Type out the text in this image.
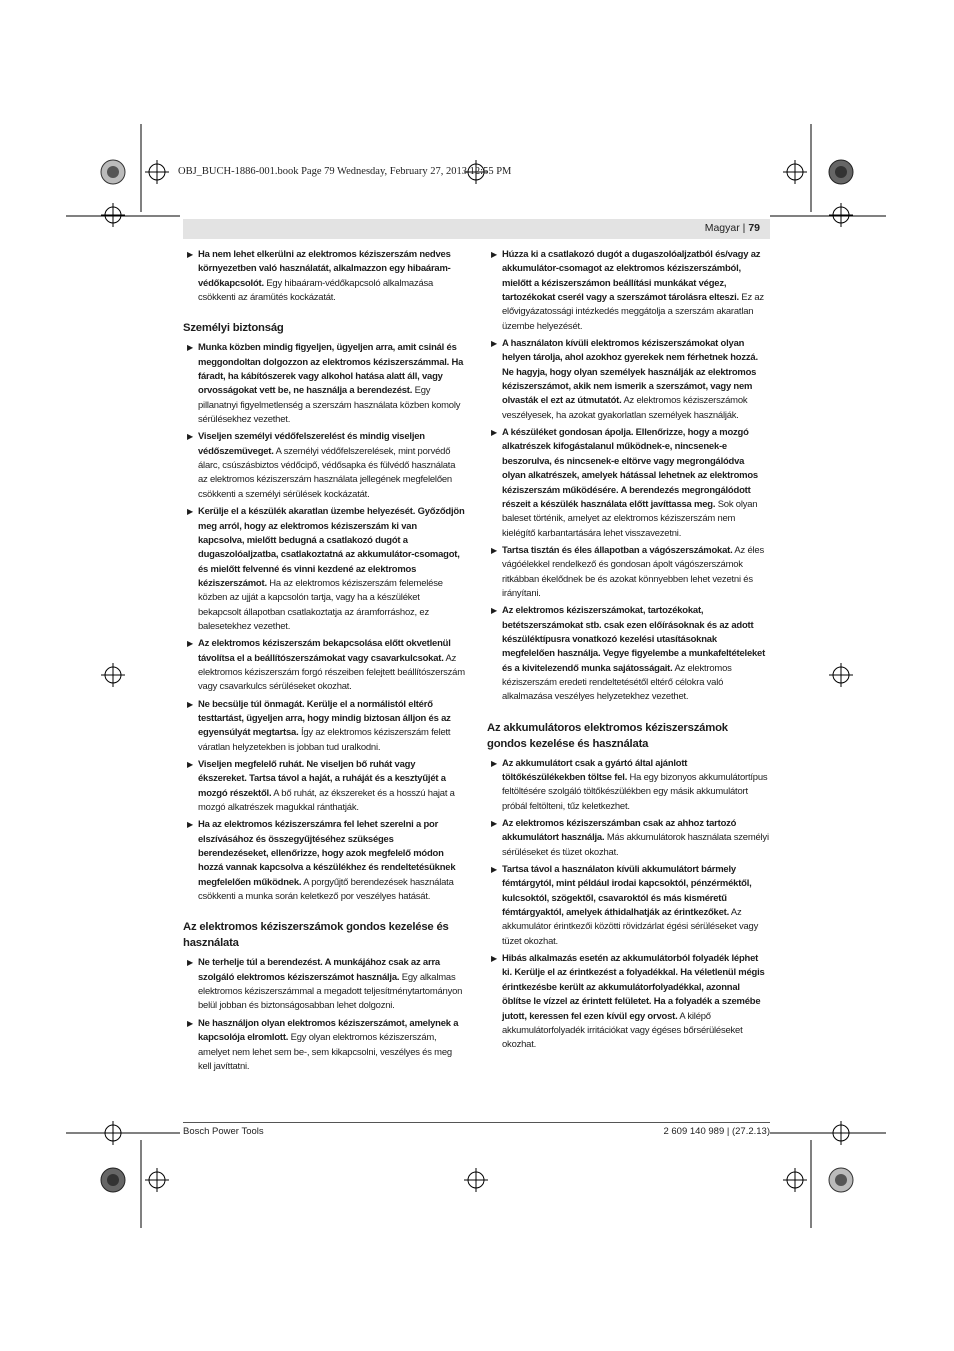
OBJ_BUCH-1886-001.book Page 79 Wednesday, February 27, 2013 12:55 PM
Magyar | 79
▶ Ha nem lehet elkerülni az elektromos kéziszerszám nedves környezetben való használatát, alkalmazzon egy hibaáram-védőkapcsolót. Egy hibaáram-védőkapcsoló alkalmazása csökkenti az áramütés kockázatát.
Személyi biztonság
▶ Munka közben mindig figyeljen, ügyeljen arra, amit csinál és meggondoltan dolgozzon az elektromos kéziszerszámmal. Ha fáradt, ha kábítószerek vagy alkohol hatása alatt áll, vagy orvosságokat vett be, ne használja a berendezést. Egy pillanatnyi figyelmetlenség a szerszám használata közben komoly sérülésekhez vezethet.
▶ Viseljen személyi védőfelszerelést és mindig viseljen védőszemüveget. A személyi védőfelszerelések, mint porvédő álarc, csúszásbiztos védőcipő, védősapka és fülvédő használata az elektromos kéziszerszám használata jellegének megfelelően csökkenti a személyi sérülések kockázatát.
▶ Kerülje el a készülék akaratlan üzembe helyezését. Győződjön meg arról, hogy az elektromos kéziszerszám ki van kapcsolva, mielőtt bedugná a csatlakozó dugót a dugaszolóaljzatba, csatlakoztatná az akkumulátor-csomagot, és mielőtt felvenné és vinni kezdené az elektromos kéziszerszámot. Ha az elektromos kéziszerszám felemelése közben az ujját a kapcsolón tartja, vagy ha a készüléket bekapcsolt állapotban csatlakoztatja az áramforráshoz, ez balesetekhez vezethet.
▶ Az elektromos kéziszerszám bekapcsolása előtt okvetlenül távolítsa el a beállítószerszámokat vagy csavarkulcsokat. Az elektromos kéziszerszám forgó részeiben felejtett beállítószerszám vagy csavarkulcs sérüléseket okozhat.
▶ Ne becsülje túl önmagát. Kerülje el a normálistól eltérő testtartást, ügyeljen arra, hogy mindig biztosan álljon és az egyensúlyát megtartsa. Így az elektromos kéziszerszám felett váratlan helyzetekben is jobban tud uralkodni.
▶ Viseljen megfelelő ruhát. Ne viseljen bő ruhát vagy ékszereket. Tartsa távol a haját, a ruháját és a kesztyűjét a mozgó részektől. A bő ruhát, az ékszereket és a hosszú hajat a mozgó alkatrészek magukkal ránthatják.
▶ Ha az elektromos kéziszerszámra fel lehet szerelni a por elszívásához és összegyűjtéséhez szükséges berendezéseket, ellenőrizze, hogy azok megfelelő módon hozzá vannak kapcsolva a készülékhez és rendeltetésüknek megfelelően működnek. A porgyűjtő berendezések használata csökkenti a munka során keletkező por veszélyes hatását.
Az elektromos kéziszerszámok gondos kezelése és használata
▶ Ne terhelje túl a berendezést. A munkájához csak az arra szolgáló elektromos kéziszerszámot használja. Egy alkalmas elektromos kéziszerszámmal a megadott teljesítménytartományon belül jobban és biztonságosabban lehet dolgozni.
▶ Ne használjon olyan elektromos kéziszerszámot, amelynek a kapcsolója elromlott. Egy olyan elektromos kéziszerszám, amelyet nem lehet sem be-, sem kikapcsolni, veszélyes és meg kell javíttatni.
▶ Húzza ki a csatlakozó dugót a dugaszolóaljzatból és/vagy az akkumulátor-csomagot az elektromos kéziszerszámból, mielőtt a kéziszerszámon beállítási munkákat végez, tartozékokat cserél vagy a szerszámot tárolásra elteszi. Ez az elővigyázatossági intézkedés meggátolja a szerszám akaratlan üzembe helyezését.
▶ A használaton kívüli elektromos kéziszerszámokat olyan helyen tárolja, ahol azokhoz gyerekek nem férhetnek hozzá. Ne hagyja, hogy olyan személyek használják az elektromos kéziszerszámot, akik nem ismerik a szerszámot, vagy nem olvasták el ezt az útmutatót. Az elektromos kéziszerszámok veszélyesek, ha azokat gyakorlatlan személyek használják.
▶ A készüléket gondosan ápolja. Ellenőrizze, hogy a mozgó alkatrészek kifogástalanul működnek-e, nincsenek-e beszorulva, és nincsenek-e eltörve vagy megrongálódva olyan alkatrészek, amelyek hátással lehetnek az elektromos kéziszerszám működésére. A berendezés megrongálódott részeit a készülék használata előtt javíttassa meg. Sok olyan baleset történik, amelyet az elektromos kéziszerszám nem kielégítő karbantartására lehet visszavezetni.
▶ Tartsa tisztán és éles állapotban a vágószerszámokat. Az éles vágóélekkel rendelkező és gondosan ápolt vágószerszámok ritkábban ékelődnek be és azokat könnyebben lehet vezetni és irányítani.
▶ Az elektromos kéziszerszámokat, tartozékokat, betétszerszámokat stb. csak ezen előírásoknak és az adott készüléktípusra vonatkozó kezelési utasításoknak megfelelően használja. Vegye figyelembe a munkafeltételeket és a kivitelezendő munka sajátosságait. Az elektromos kéziszerszám eredeti rendeltetésétől eltérő célokra való alkalmazása veszélyes helyzetekhez vezethet.
Az akkumulátoros elektromos kéziszerszámok gondos kezelése és használata
▶ Az akkumulátort csak a gyártó által ajánlott töltőkészülékekben töltse fel. Ha egy bizonyos akkumulátortípus feltöltésére szolgáló töltőkészülékben egy másik akkumulátort próbál feltölteni, tűz keletkezhet.
▶ Az elektromos kéziszerszámban csak az ahhoz tartozó akkumulátort használja. Más akkumulátorok használata személyi sérüléseket és tüzet okozhat.
▶ Tartsa távol a használaton kívüli akkumulátort bármely fémtárgytól, mint például irodai kapcsoktól, pénzérméktől, kulcsoktól, szögektől, csavaroktól és más kisméretű fémtárgyaktól, amelyek áthidalhatják az érintkezőket. Az akkumulátor érintkezői közötti rövidzárlat égési sérüléseket vagy tüzet okozhat.
▶ Hibás alkalmazás esetén az akkumulátorból folyadék léphet ki. Kerülje el az érintkezést a folyadékkal. Ha véletlenül mégis érintkezésbe került az akkumulátorfolyadékkal, azonnal öblítse le vízzel az érintett felületet. Ha a folyadék a szemébe jutott, keressen fel ezen kívül egy orvost. A kilépő akkumulátorfolyadék irritációkat vagy égéses bőrsérüléseket okozhat.
Bosch Power Tools	2 609 140 989 | (27.2.13)
